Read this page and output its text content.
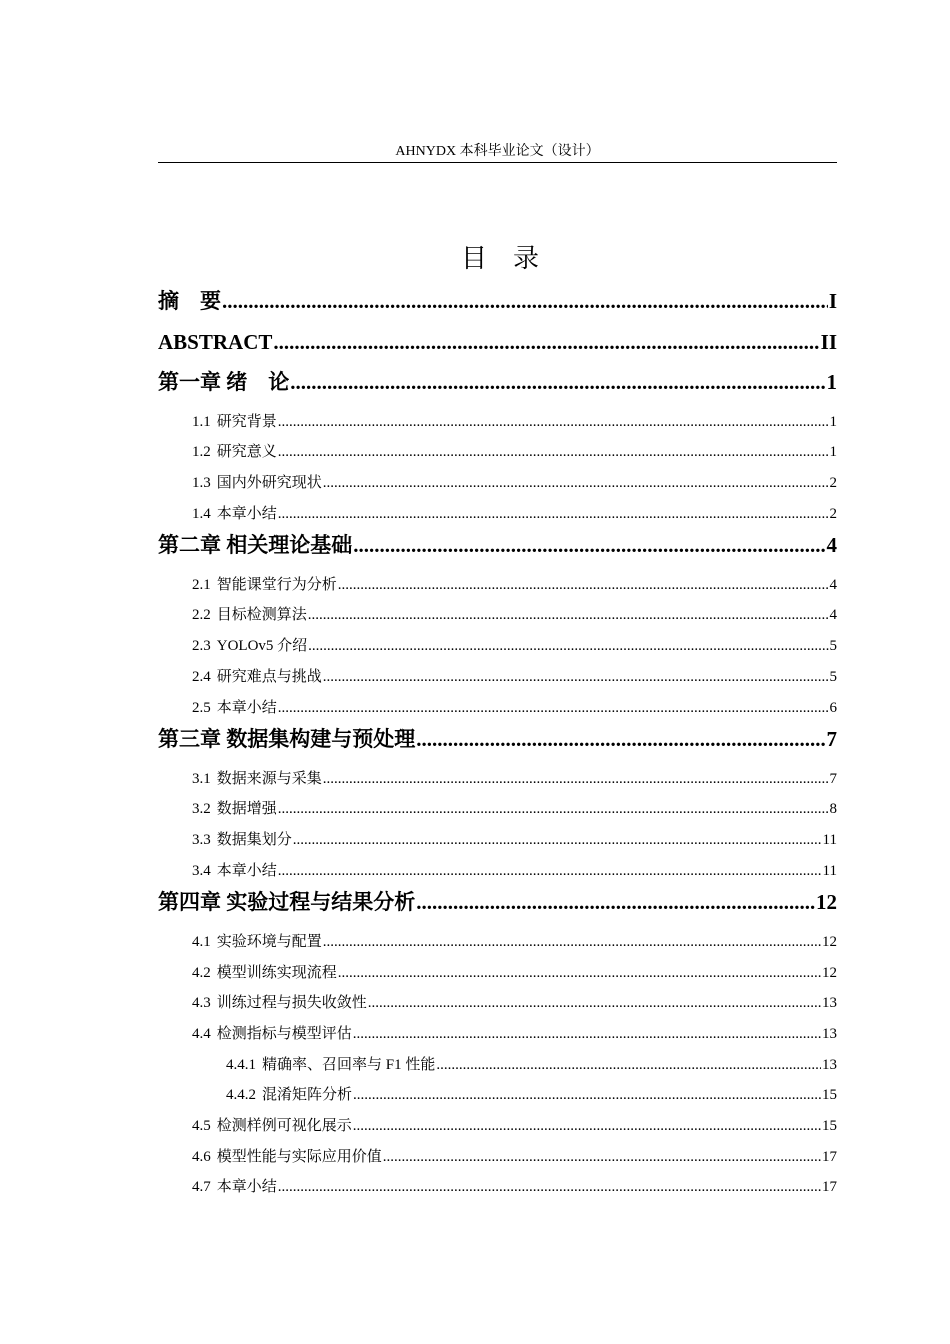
AHNYDX 本科毕业论文（设计）
目　录
摘　要 .....	I
ABSTRACT .....	II
第一章 绪　论 .....	1
1.1 研究背景 .....	1
1.2 研究意义 .....	1
1.3 国内外研究现状 .....	2
1.4 本章小结 .....	2
第二章 相关理论基础 .....	4
2.1 智能课堂行为分析 .....	4
2.2 目标检测算法 .....	4
2.3 YOLOv5 介绍 .....	5
2.4 研究难点与挑战 .....	5
2.5 本章小结 .....	6
第三章 数据集构建与预处理 .....	7
3.1 数据来源与采集 .....	7
3.2 数据增强 .....	8
3.3 数据集划分 .....	11
3.4 本章小结 .....	11
第四章 实验过程与结果分析 .....	12
4.1 实验环境与配置 .....	12
4.2 模型训练实现流程 .....	12
4.3 训练过程与损失收敛性 .....	13
4.4 检测指标与模型评估 .....	13
4.4.1 精确率、召回率与 F1 性能 .....	13
4.4.2 混淆矩阵分析 .....	15
4.5 检测样例可视化展示 .....	15
4.6 模型性能与实际应用价值 .....	17
4.7 本章小结 .....	17
